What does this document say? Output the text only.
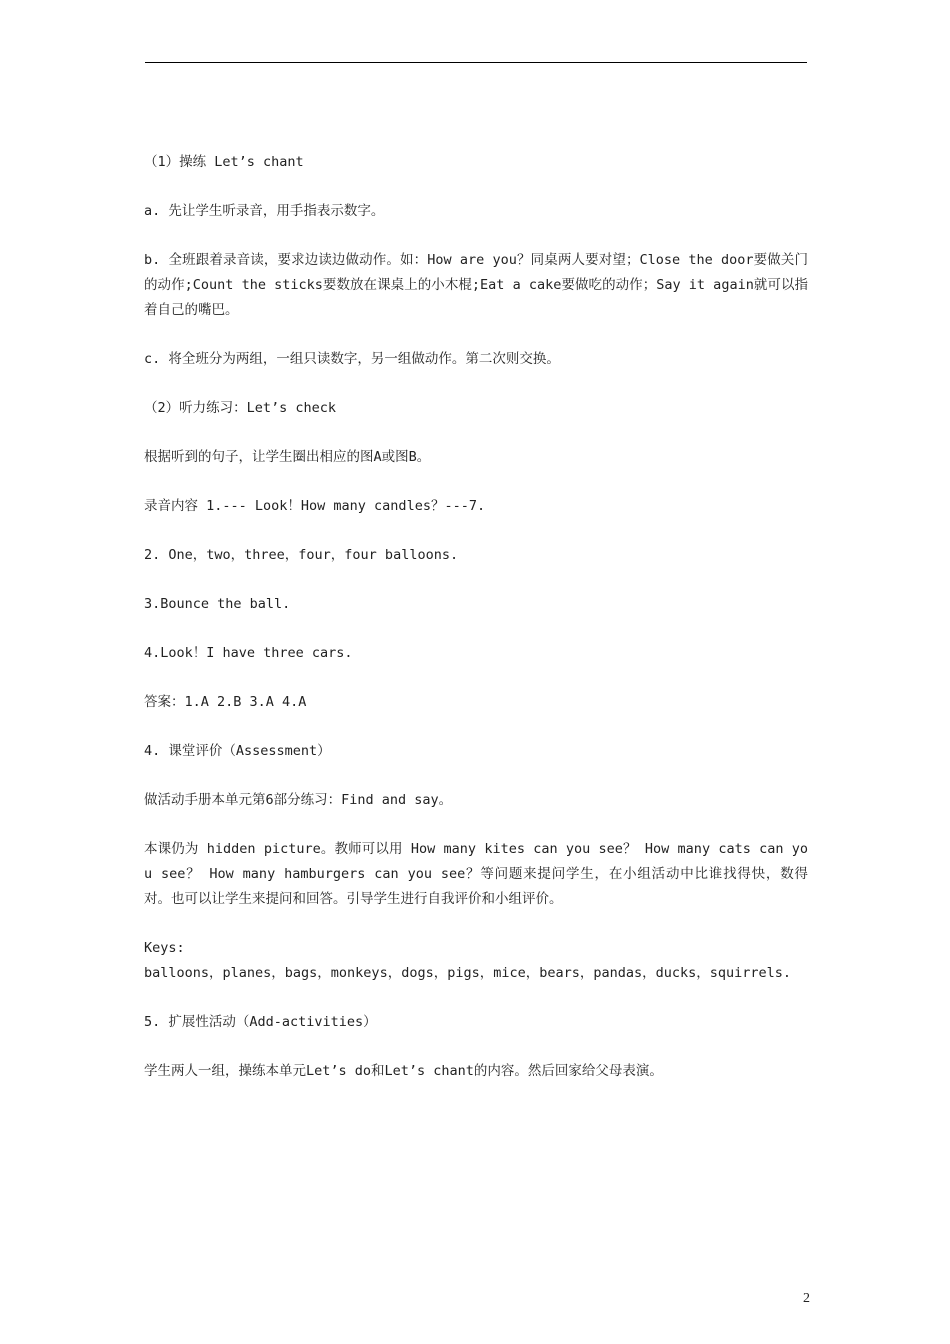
（1）操练 Let’s chant

a. 先让学生听录音，用手指表示数字。

b. 全班跟着录音读，要求边读边做动作。如：How are you？同桌两人要对望；Close the door要做关门的动作;Count the sticks要数放在课桌上的小木棍;Eat a cake要做吃的动作；Say it again就可以指着自己的嘴巴。

c. 将全班分为两组，一组只读数字，另一组做动作。第二次则交换。

（2）听力练习：Let’s check

根据听到的句子，让学生圈出相应的图A或图B。

录音内容 1.--- Look！How many candles？---7.

2. One，two，three，four，four balloons.

3.Bounce the ball.

4.Look！I have three cars.

答案：1.A 2.B 3.A 4.A

4. 课堂评价（Assessment）

做活动手册本单元第6部分练习：Find and say。

本课仍为 hidden picture。教师可以用 How many kites can you see？ How many cats can you see？ How many hamburgers can you see？等问题来提问学生，在小组活动中比谁找得快，数得对。也可以让学生来提问和回答。引导学生进行自我评价和小组评价。

Keys:

balloons，planes，bags，monkeys，dogs，pigs，mice，bears，pandas，ducks，squirrels.

5. 扩展性活动（Add-activities）

学生两人一组，操练本单元Let’s do和Let’s chant的内容。然后回家给父母表演。

2
